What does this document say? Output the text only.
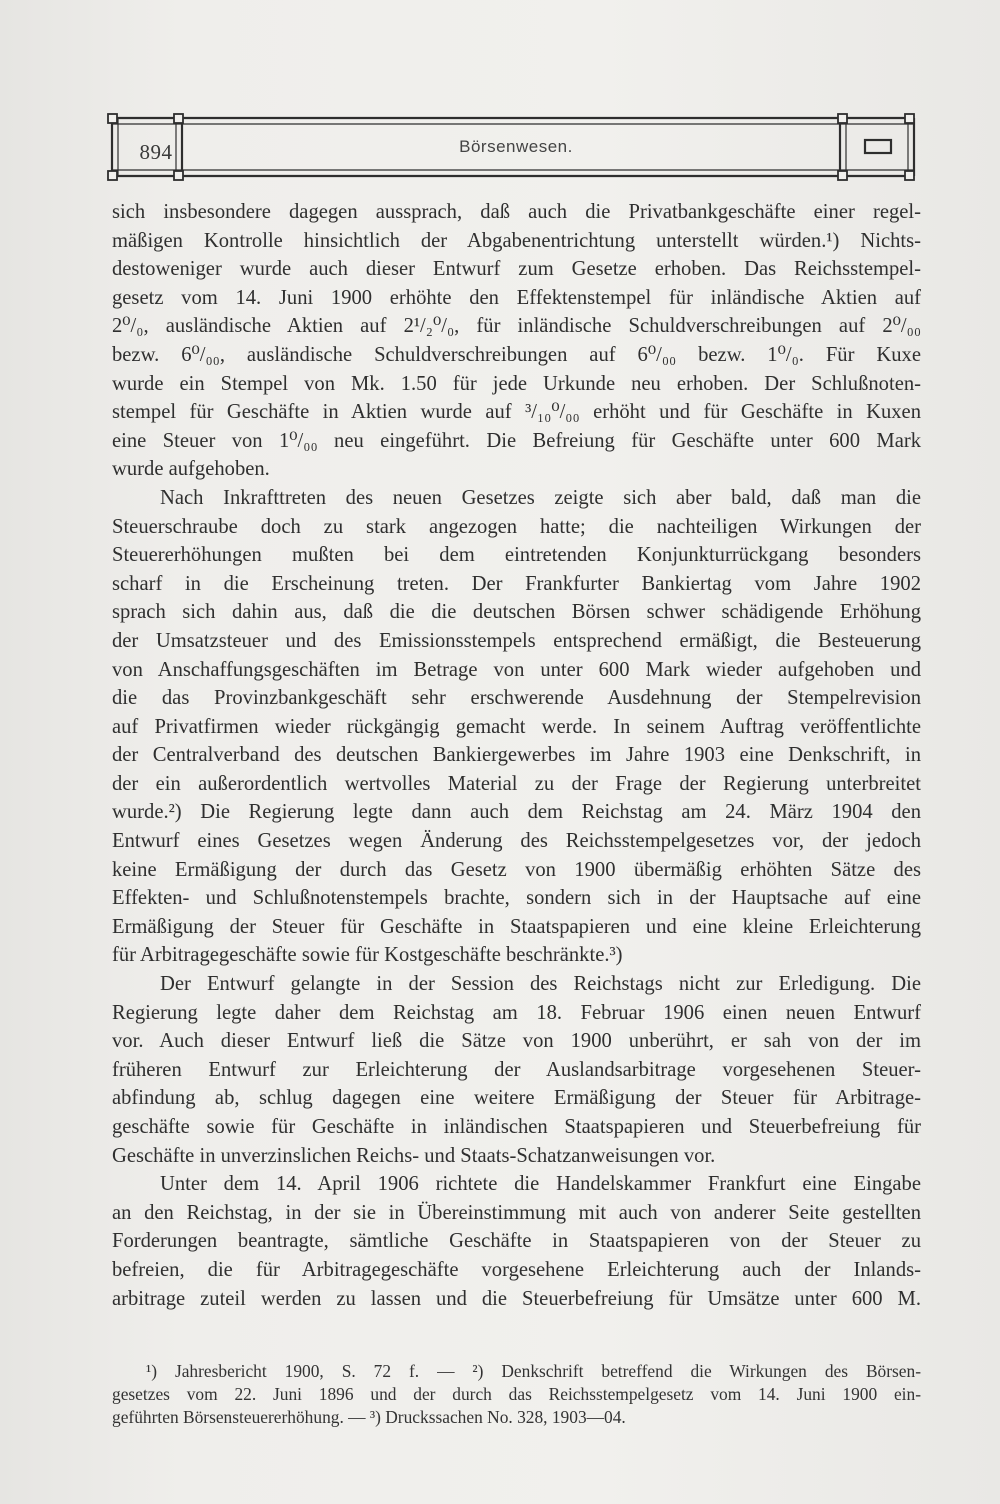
894	Börsenwesen.

sich insbesondere dagegen aussprach, daß auch die Privatbankgeschäfte einer regel-
mäßigen Kontrolle hinsichtlich der Abgabenentrichtung unterstellt würden.¹) Nichts-
destoweniger wurde auch dieser Entwurf zum Gesetze erhoben. Das Reichsstempel-
gesetz vom 14. Juni 1900 erhöhte den Effektenstempel für inländische Aktien auf
2⁰/₀, ausländische Aktien auf 2¹/₂⁰/₀, für inländische Schuldverschreibungen auf 2⁰/₀₀
bezw. 6⁰/₀₀, ausländische Schuldverschreibungen auf 6⁰/₀₀ bezw. 1⁰/₀. Für Kuxe
wurde ein Stempel von Mk. 1.50 für jede Urkunde neu erhoben. Der Schlußnoten-
stempel für Geschäfte in Aktien wurde auf ³/₁₀⁰/₀₀ erhöht und für Geschäfte in Kuxen
eine Steuer von 1⁰/₀₀ neu eingeführt. Die Befreiung für Geschäfte unter 600 Mark
wurde aufgehoben.

Nach Inkrafttreten des neuen Gesetzes zeigte sich aber bald, daß man die
Steuerschraube doch zu stark angezogen hatte; die nachteiligen Wirkungen der
Steuererhöhungen mußten bei dem eintretenden Konjunkturrückgang besonders
scharf in die Erscheinung treten. Der Frankfurter Bankiertag vom Jahre 1902
sprach sich dahin aus, daß die die deutschen Börsen schwer schädigende Erhöhung
der Umsatzsteuer und des Emissionsstempels entsprechend ermäßigt, die Besteuerung
von Anschaffungsgeschäften im Betrage von unter 600 Mark wieder aufgehoben und
die das Provinzbankgeschäft sehr erschwerende Ausdehnung der Stempelrevision
auf Privatfirmen wieder rückgängig gemacht werde. In seinem Auftrag veröffentlichte
der Centralverband des deutschen Bankiergewerbes im Jahre 1903 eine Denkschrift, in
der ein außerordentlich wertvolles Material zu der Frage der Regierung unterbreitet
wurde.²) Die Regierung legte dann auch dem Reichstag am 24. März 1904 den
Entwurf eines Gesetzes wegen Änderung des Reichsstempelgesetzes vor, der jedoch
keine Ermäßigung der durch das Gesetz von 1900 übermäßig erhöhten Sätze des
Effekten- und Schlußnotenstempels brachte, sondern sich in der Hauptsache auf eine
Ermäßigung der Steuer für Geschäfte in Staatspapieren und eine kleine Erleichterung
für Arbitragegeschäfte sowie für Kostgeschäfte beschränkte.³)

Der Entwurf gelangte in der Session des Reichstags nicht zur Erledigung. Die
Regierung legte daher dem Reichstag am 18. Februar 1906 einen neuen Entwurf
vor. Auch dieser Entwurf ließ die Sätze von 1900 unberührt, er sah von der im
früheren Entwurf zur Erleichterung der Auslandsarbitrage vorgesehenen Steuer-
abfindung ab, schlug dagegen eine weitere Ermäßigung der Steuer für Arbitrage-
geschäfte sowie für Geschäfte in inländischen Staatspapieren und Steuerbefreiung für
Geschäfte in unverzinslichen Reichs- und Staats-Schatzanweisungen vor.

Unter dem 14. April 1906 richtete die Handelskammer Frankfurt eine Eingabe
an den Reichstag, in der sie in Übereinstimmung mit auch von anderer Seite gestellten
Forderungen beantragte, sämtliche Geschäfte in Staatspapieren von der Steuer zu
befreien, die für Arbitragegeschäfte vorgesehene Erleichterung auch der Inlands-
arbitrage zuteil werden zu lassen und die Steuerbefreiung für Umsätze unter 600 M.

¹) Jahresbericht 1900, S. 72 f. — ²) Denkschrift betreffend die Wirkungen des Börsen-
gesetzes vom 22. Juni 1896 und der durch das Reichsstempelgesetz vom 14. Juni 1900 ein-
geführten Börsensteuererhöhung. — ³) Druckssachen No. 328, 1903—04.
